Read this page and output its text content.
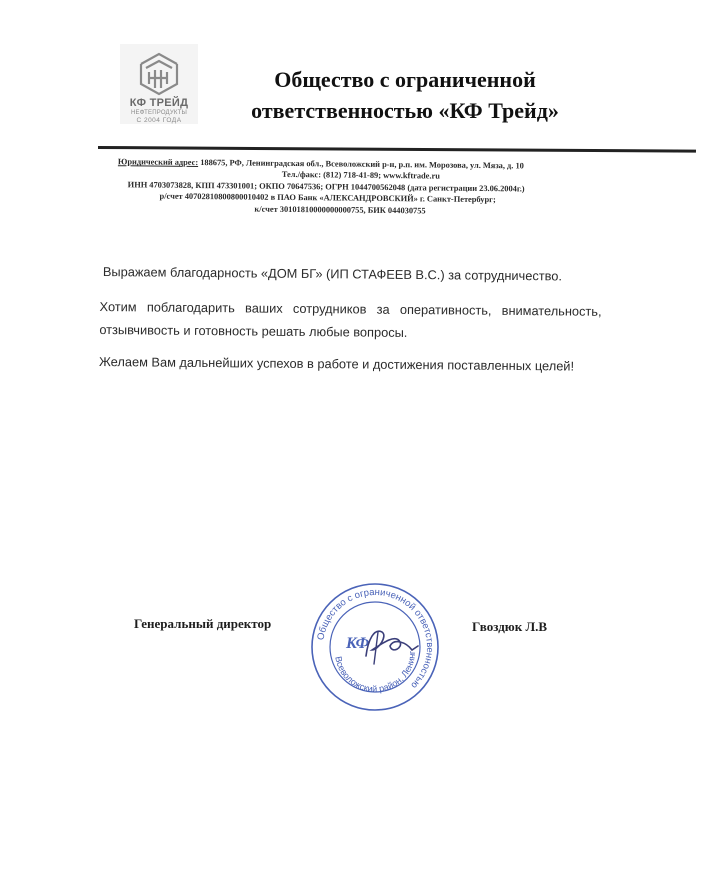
КФ ТРЕЙД
НЕФТЕПРОДУКТЫ
С 2004 ГОДА
Общество с ограниченной
ответственностью «КФ Трейд»
Юридический адрес: 188675, РФ, Ленинградская обл., Всеволожский р-н, р.п. им. Морозова, ул. Мяза, д. 10
Тел./факс: (812) 718-41-89; www.kftrade.ru
ИНН 4703073828, КПП 473301001; ОКПО 70647536; ОГРН 1044700562048 (дата регистрации 23.06.2004г.)
р/счет 40702810800800010402 в ПАО Банк «АЛЕКСАНДРОВСКИЙ» г. Санкт-Петербург;
к/счет 30101810000000000755, БИК 044030755

Выражаем благодарность «ДОМ БГ» (ИП СТАФЕЕВ В.С.) за сотрудничество.

Хотим поблагодарить ваших сотрудников за оперативность, внимательность, отзывчивость и готовность решать любые вопросы.

Желаем Вам дальнейших успехов в работе и достижения поставленных целей!

Генеральный директор	Гвоздюк Л.В
Общество с ограниченной ответственностью
Всеволожский район, Ленинг
КФ
